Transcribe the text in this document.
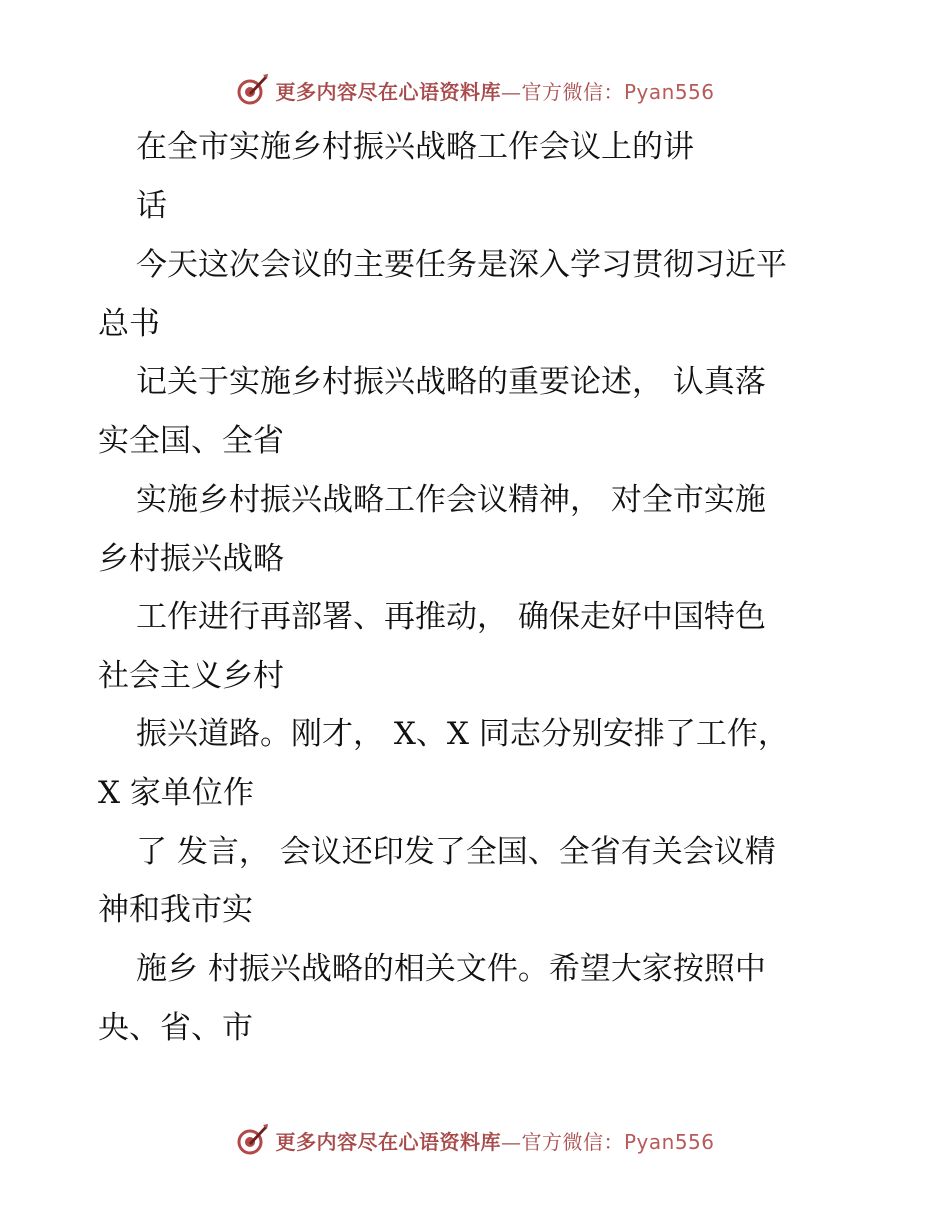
更多内容尽在心语资料库—官方微信：Pyan556
在全市实施乡村振兴战略工作会议上的讲
话
今天这次会议的主要任务是深入学习贯彻习近平
总书
记关于实施乡村振兴战略的重要论述， 认真落
实全国、全省
实施乡村振兴战略工作会议精神， 对全市实施
乡村振兴战略
工作进行再部署、再推动， 确保走好中国特色
社会主义乡村
振兴道路。刚才， X、X 同志分别安排了工作，
X 家单位作
了 发言， 会议还印发了全国、全省有关会议精
神和我市实
施乡 村振兴战略的相关文件。希望大家按照中
央、省、市
更多内容尽在心语资料库—官方微信：Pyan556
